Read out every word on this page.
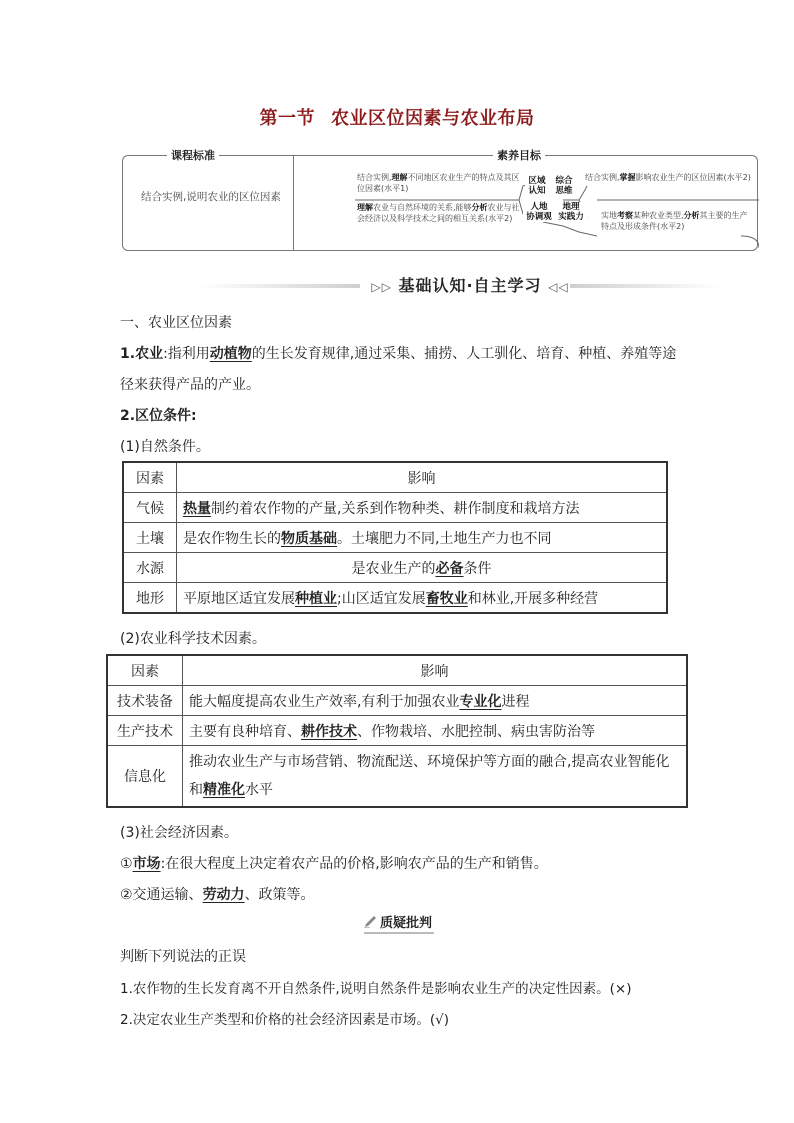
第一节 农业区位因素与农业布局
课程标准	素养目标
结合实例,说明农业的区位因素
结合实例,理解不同地区农业生产的特点及其区位因素(水平1)
理解农业与自然环境的关系,能够分析农业与社会经济以及科学技术之间的相互关系(水平2)
结合实例,掌握影响农业生产的区位因素(水平2)
实地考察某种农业类型,分析其主要的生产特点及形成条件(水平2)
区域
认知
人地
协调观
综合
思维
地理
实践力
▷▷ 基础认知·自主学习 ◁◁
一、农业区位因素
1.农业:指利用动植物的生长发育规律,通过采集、捕捞、人工驯化、培育、种植、养殖等途
径来获得产品的产业。
2.区位条件:
(1)自然条件。
因素	影响
气候	热量制约着农作物的产量,关系到作物种类、耕作制度和栽培方法
土壤	是农作物生长的物质基础。土壤肥力不同,土地生产力也不同
水源	是农业生产的必备条件
地形	平原地区适宜发展种植业;山区适宜发展畜牧业和林业,开展多种经营
(2)农业科学技术因素。
因素	影响
技术装备	能大幅度提高农业生产效率,有利于加强农业专业化进程
生产技术	主要有良种培育、耕作技术、作物栽培、水肥控制、病虫害防治等
信息化	推动农业生产与市场营销、物流配送、环境保护等方面的融合,提高农业智能化和精准化水平
(3)社会经济因素。
①市场:在很大程度上决定着农产品的价格,影响农产品的生产和销售。
②交通运输、劳动力、政策等。
质疑批判
判断下列说法的正误
1.农作物的生长发育离不开自然条件,说明自然条件是影响农业生产的决定性因素。(×)
2.决定农业生产类型和价格的社会经济因素是市场。(√)
